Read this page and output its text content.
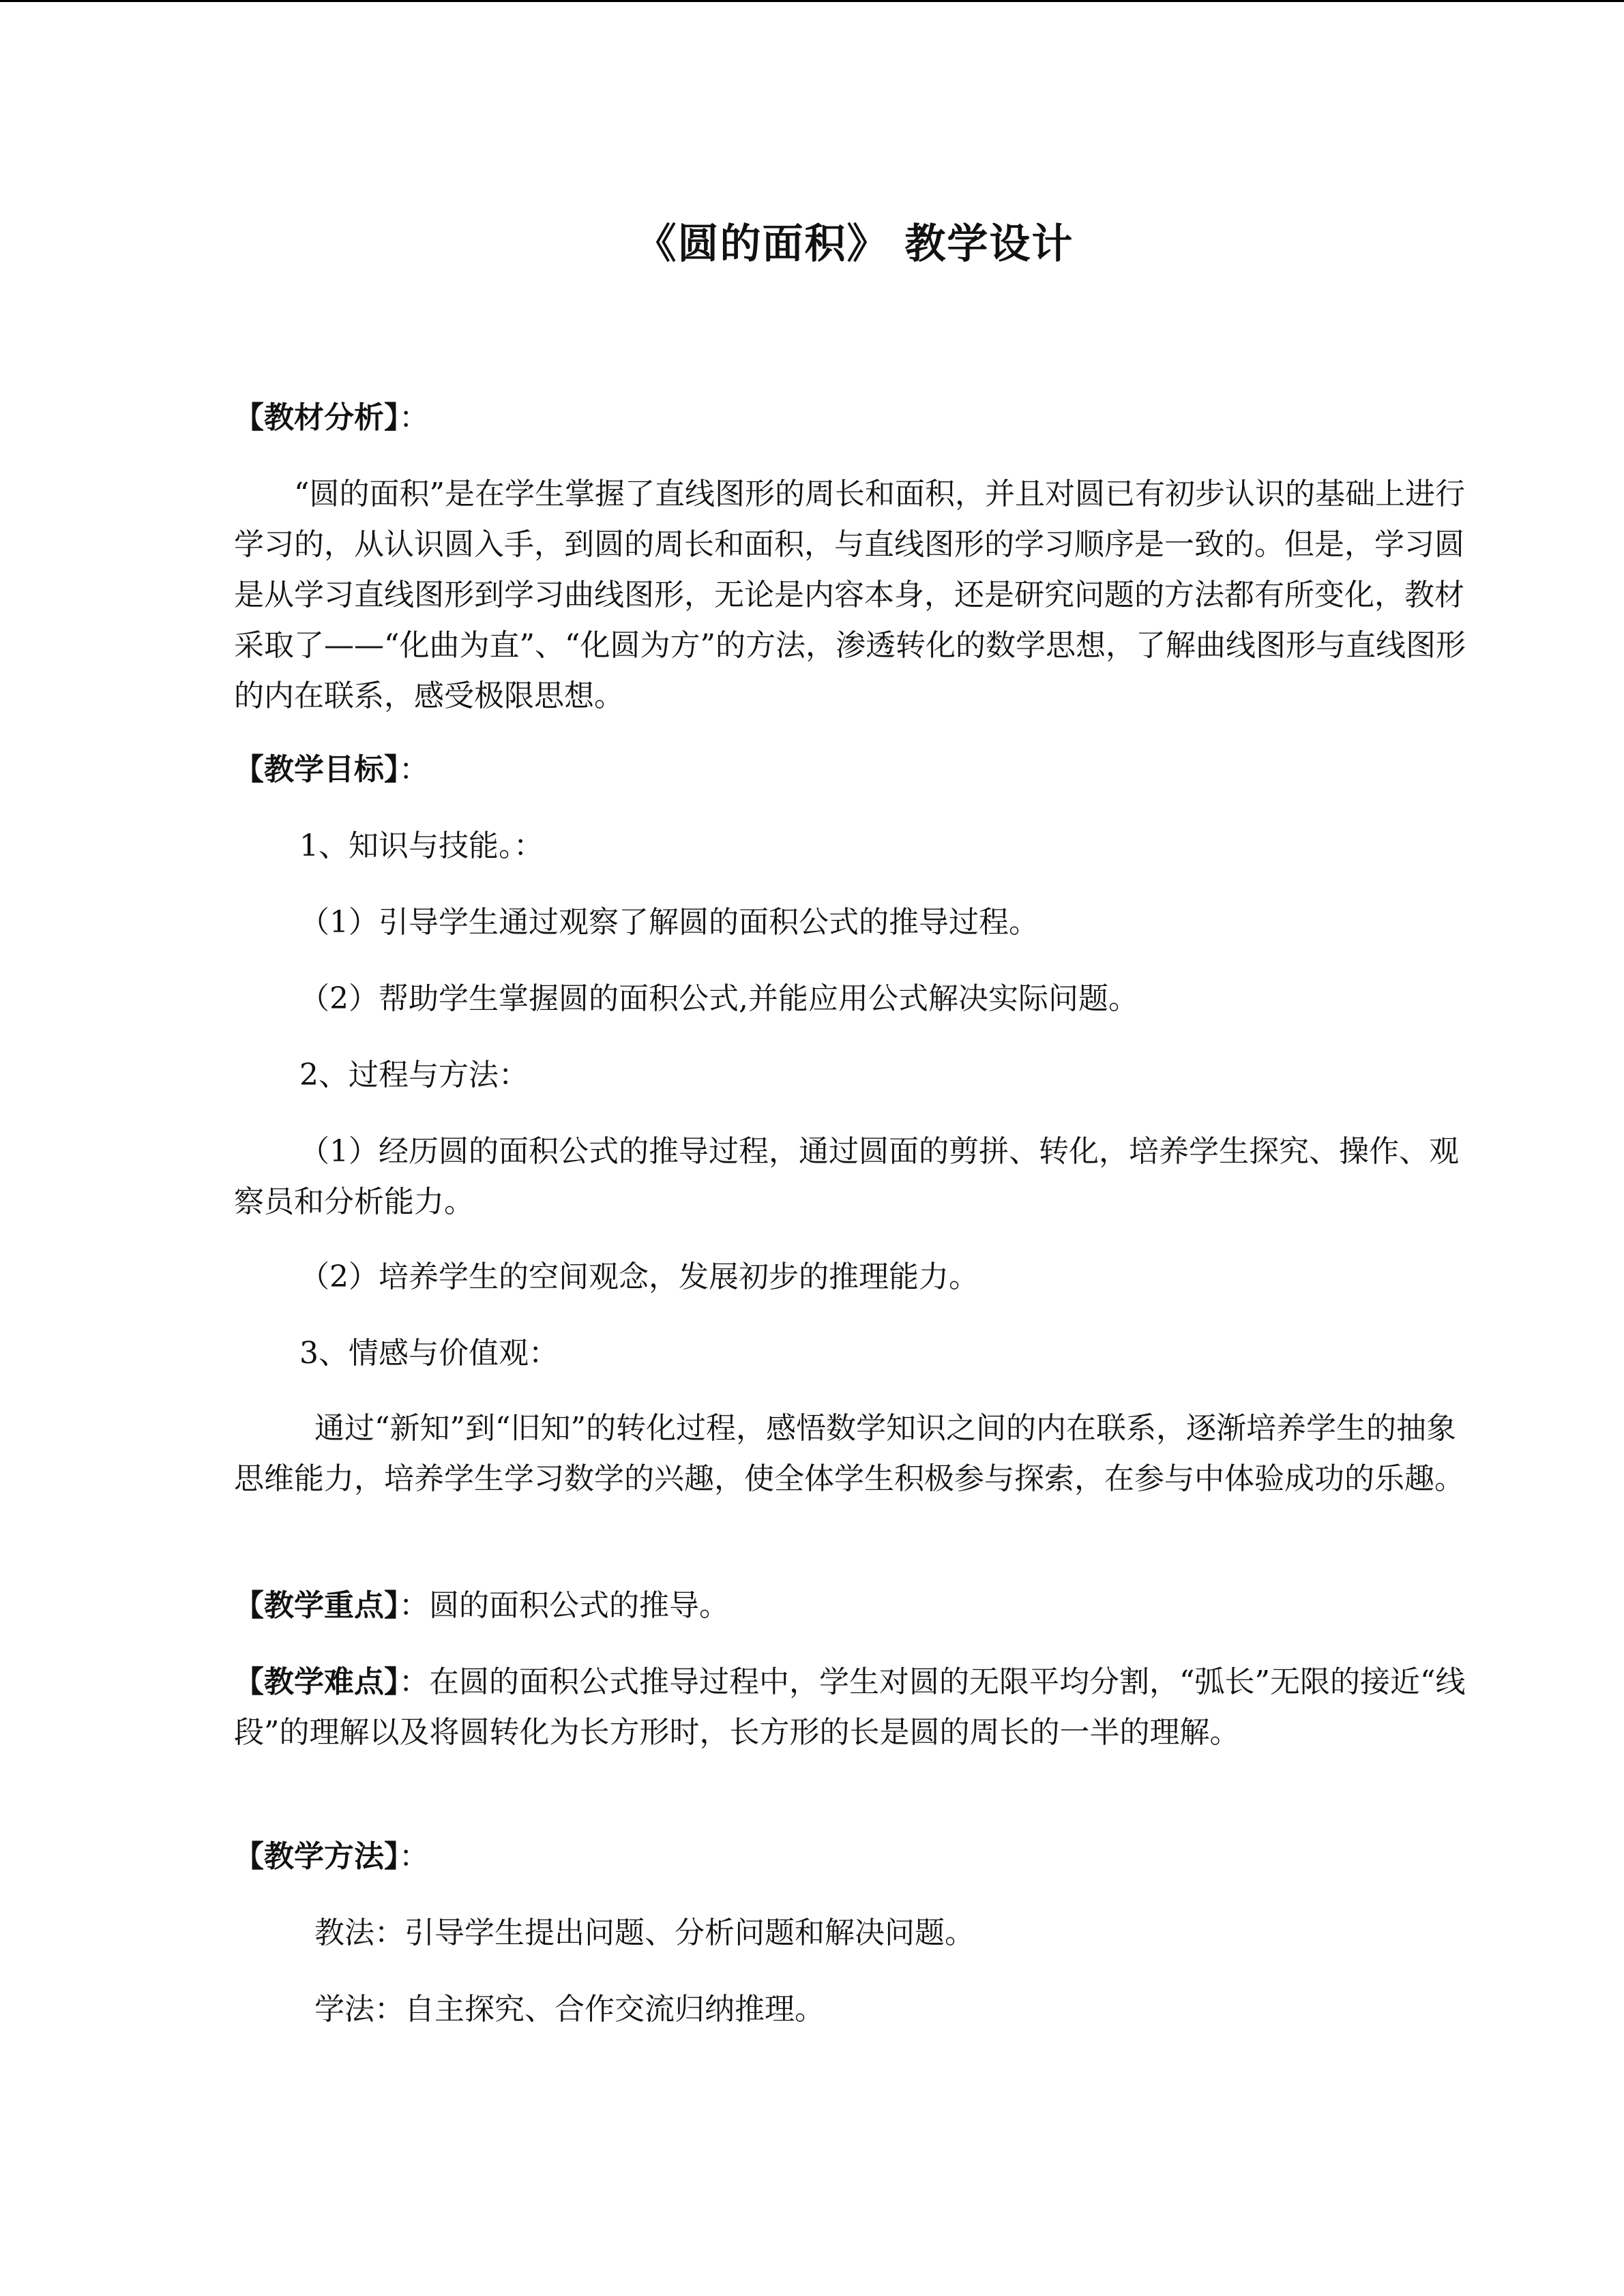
《圆的面积》 教学设计

【教材分析】：

“圆的面积”是在学生掌握了直线图形的周长和面积，并且对圆已有初步认识的基础上进行学习的，从认识圆入手，到圆的周长和面积，与直线图形的学习顺序是一致的。但是，学习圆是从学习直线图形到学习曲线图形，无论是内容本身，还是研究问题的方法都有所变化，教材采取了——“化曲为直”、“化圆为方”的方法，渗透转化的数学思想，了解曲线图形与直线图形的内在联系，感受极限思想。

【教学目标】：

1、知识与技能。：

（1）引导学生通过观察了解圆的面积公式的推导过程。

（2）帮助学生掌握圆的面积公式,并能应用公式解决实际问题。

2、过程与方法：

（1）经历圆的面积公式的推导过程，通过圆面的剪拼、转化，培养学生探究、操作、观察员和分析能力。

（2）培养学生的空间观念，发展初步的推理能力。

3、情感与价值观：

通过“新知”到“旧知”的转化过程，感悟数学知识之间的内在联系，逐渐培养学生的抽象思维能力，培养学生学习数学的兴趣，使全体学生积极参与探索，在参与中体验成功的乐趣。

【教学重点】：圆的面积公式的推导。

【教学难点】：在圆的面积公式推导过程中，学生对圆的无限平均分割，“弧长”无限的接近“线段”的理解以及将圆转化为长方形时，长方形的长是圆的周长的一半的理解。

【教学方法】：

教法：引导学生提出问题、分析问题和解决问题。

学法：自主探究、合作交流归纳推理。
